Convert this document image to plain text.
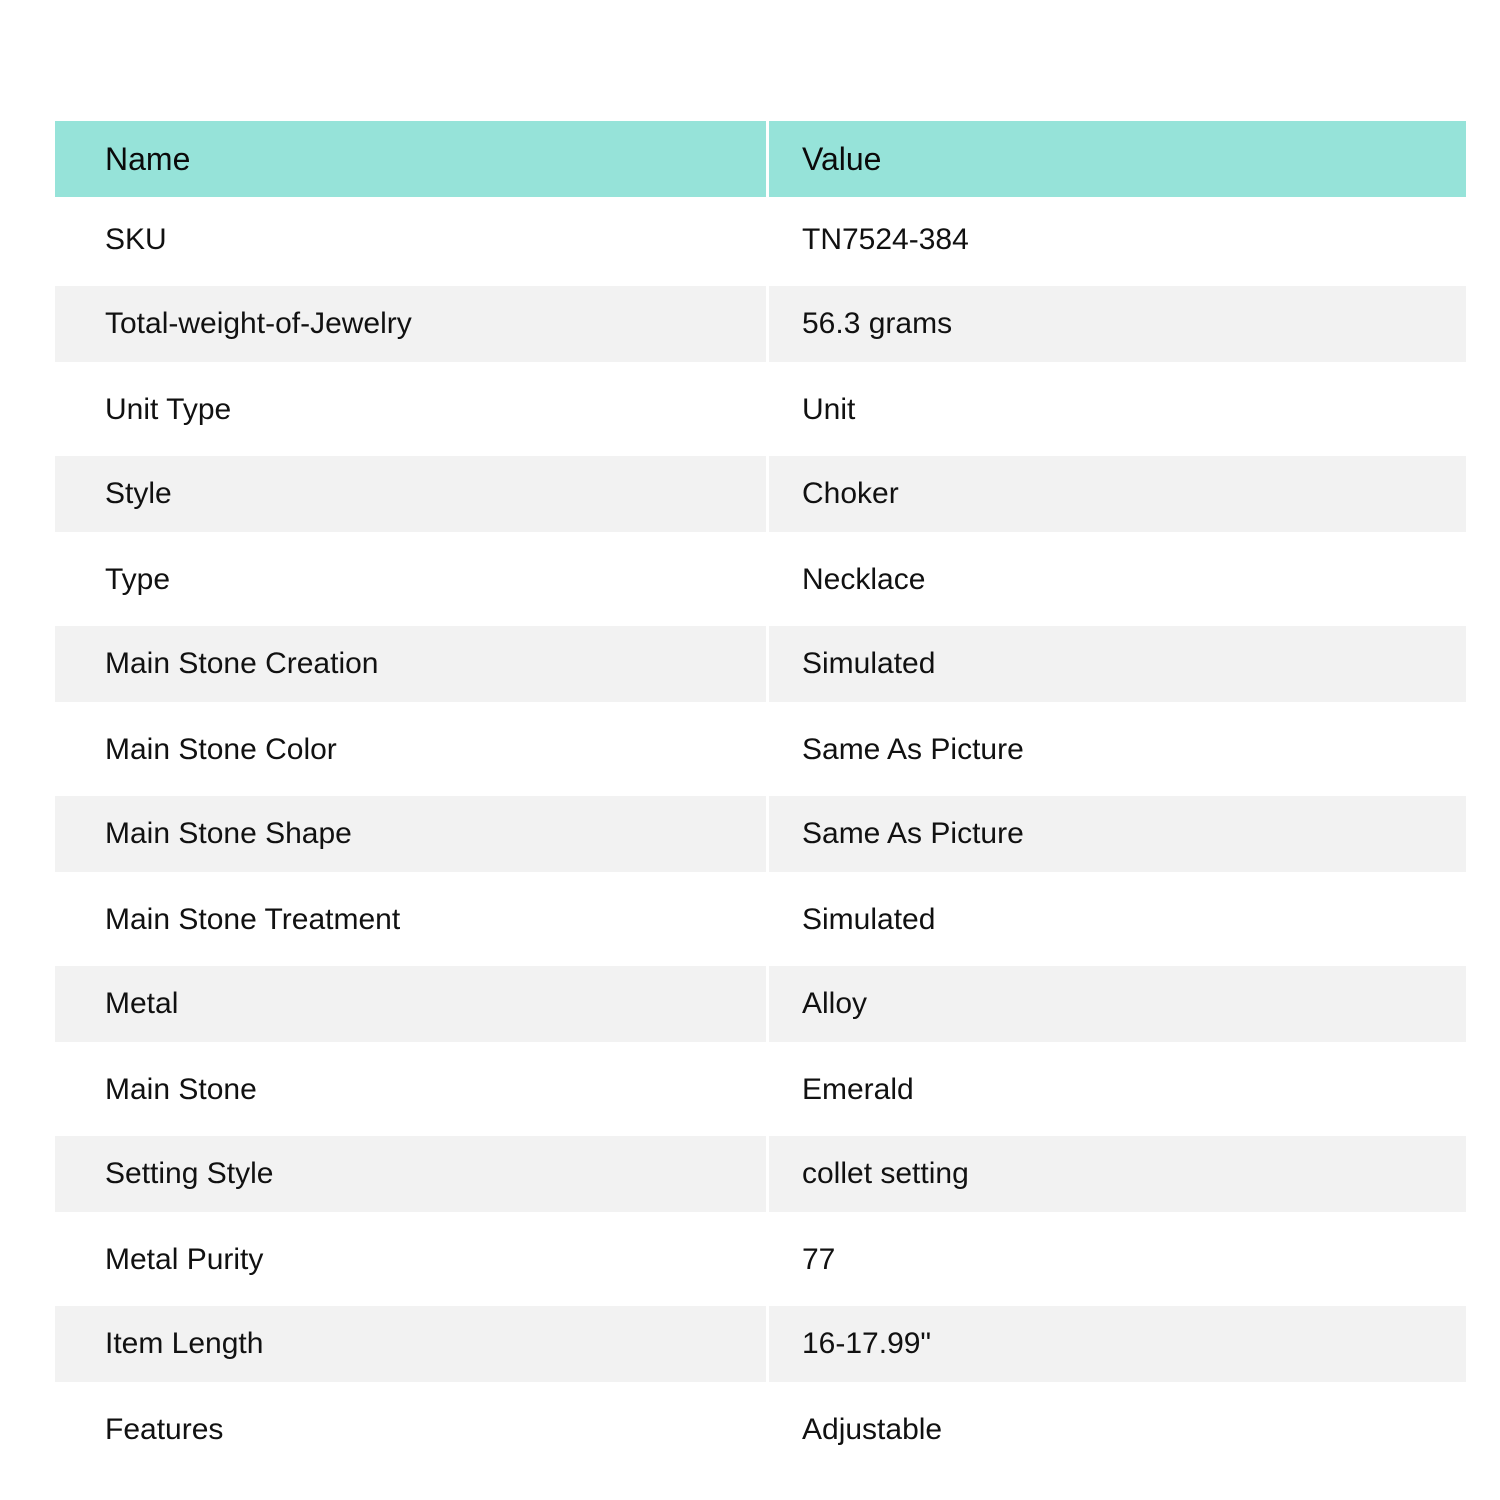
Name	Value
SKU	TN7524-384
Total-weight-of-Jewelry	56.3 grams
Unit Type	Unit
Style	Choker
Type	Necklace
Main Stone Creation	Simulated
Main Stone Color	Same As Picture
Main Stone Shape	Same As Picture
Main Stone Treatment	Simulated
Metal	Alloy
Main Stone	Emerald
Setting Style	collet setting
Metal Purity	77
Item Length	16-17.99"
Features	Adjustable
